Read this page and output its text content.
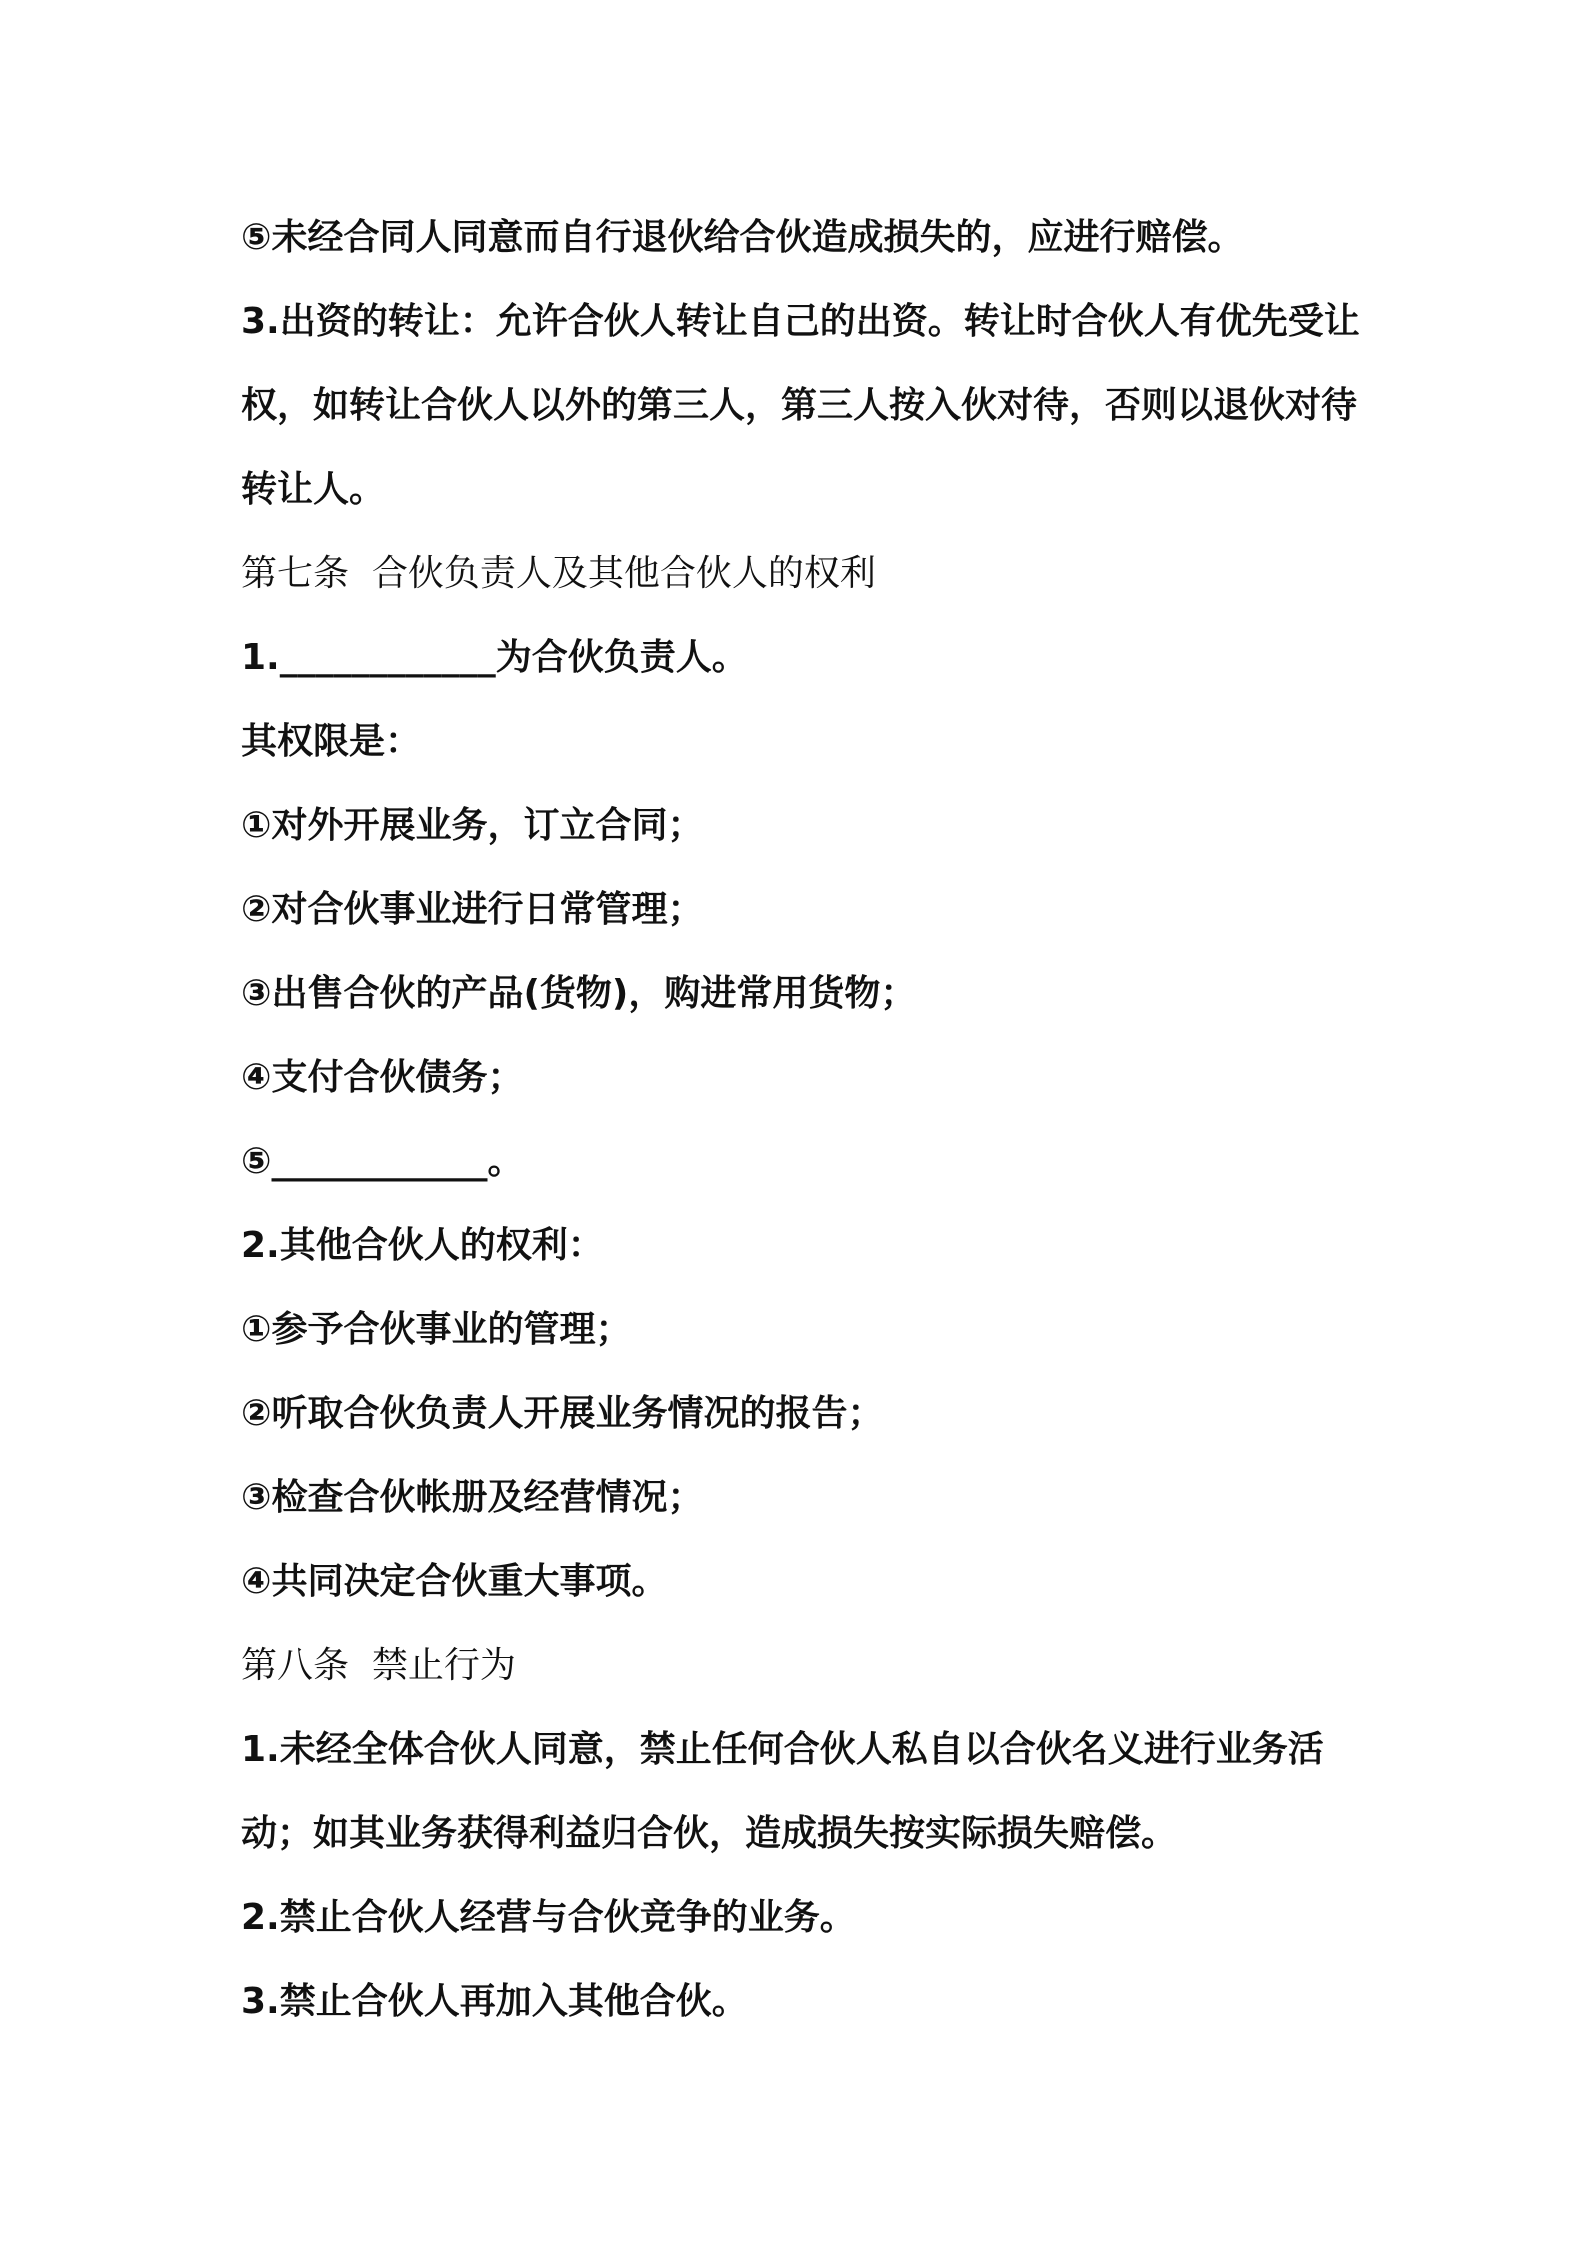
⑤未经合同人同意而自行退伙给合伙造成损失的，应进行赔偿。

3.出资的转让：允许合伙人转让自己的出资。转让时合伙人有优先受让权，如转让合伙人以外的第三人，第三人按入伙对待，否则以退伙对待转让人。

第七条  合伙负责人及其他合伙人的权利

1.____________为合伙负责人。

其权限是：

①对外开展业务，订立合同；

②对合伙事业进行日常管理；

③出售合伙的产品(货物)，购进常用货物；

④支付合伙债务；

⑤____________。

2.其他合伙人的权利：

①参予合伙事业的管理；

②听取合伙负责人开展业务情况的报告；

③检查合伙帐册及经营情况；

④共同决定合伙重大事项。

第八条  禁止行为

1.未经全体合伙人同意，禁止任何合伙人私自以合伙名义进行业务活动；如其业务获得利益归合伙，造成损失按实际损失赔偿。

2.禁止合伙人经营与合伙竞争的业务。

3.禁止合伙人再加入其他合伙。
